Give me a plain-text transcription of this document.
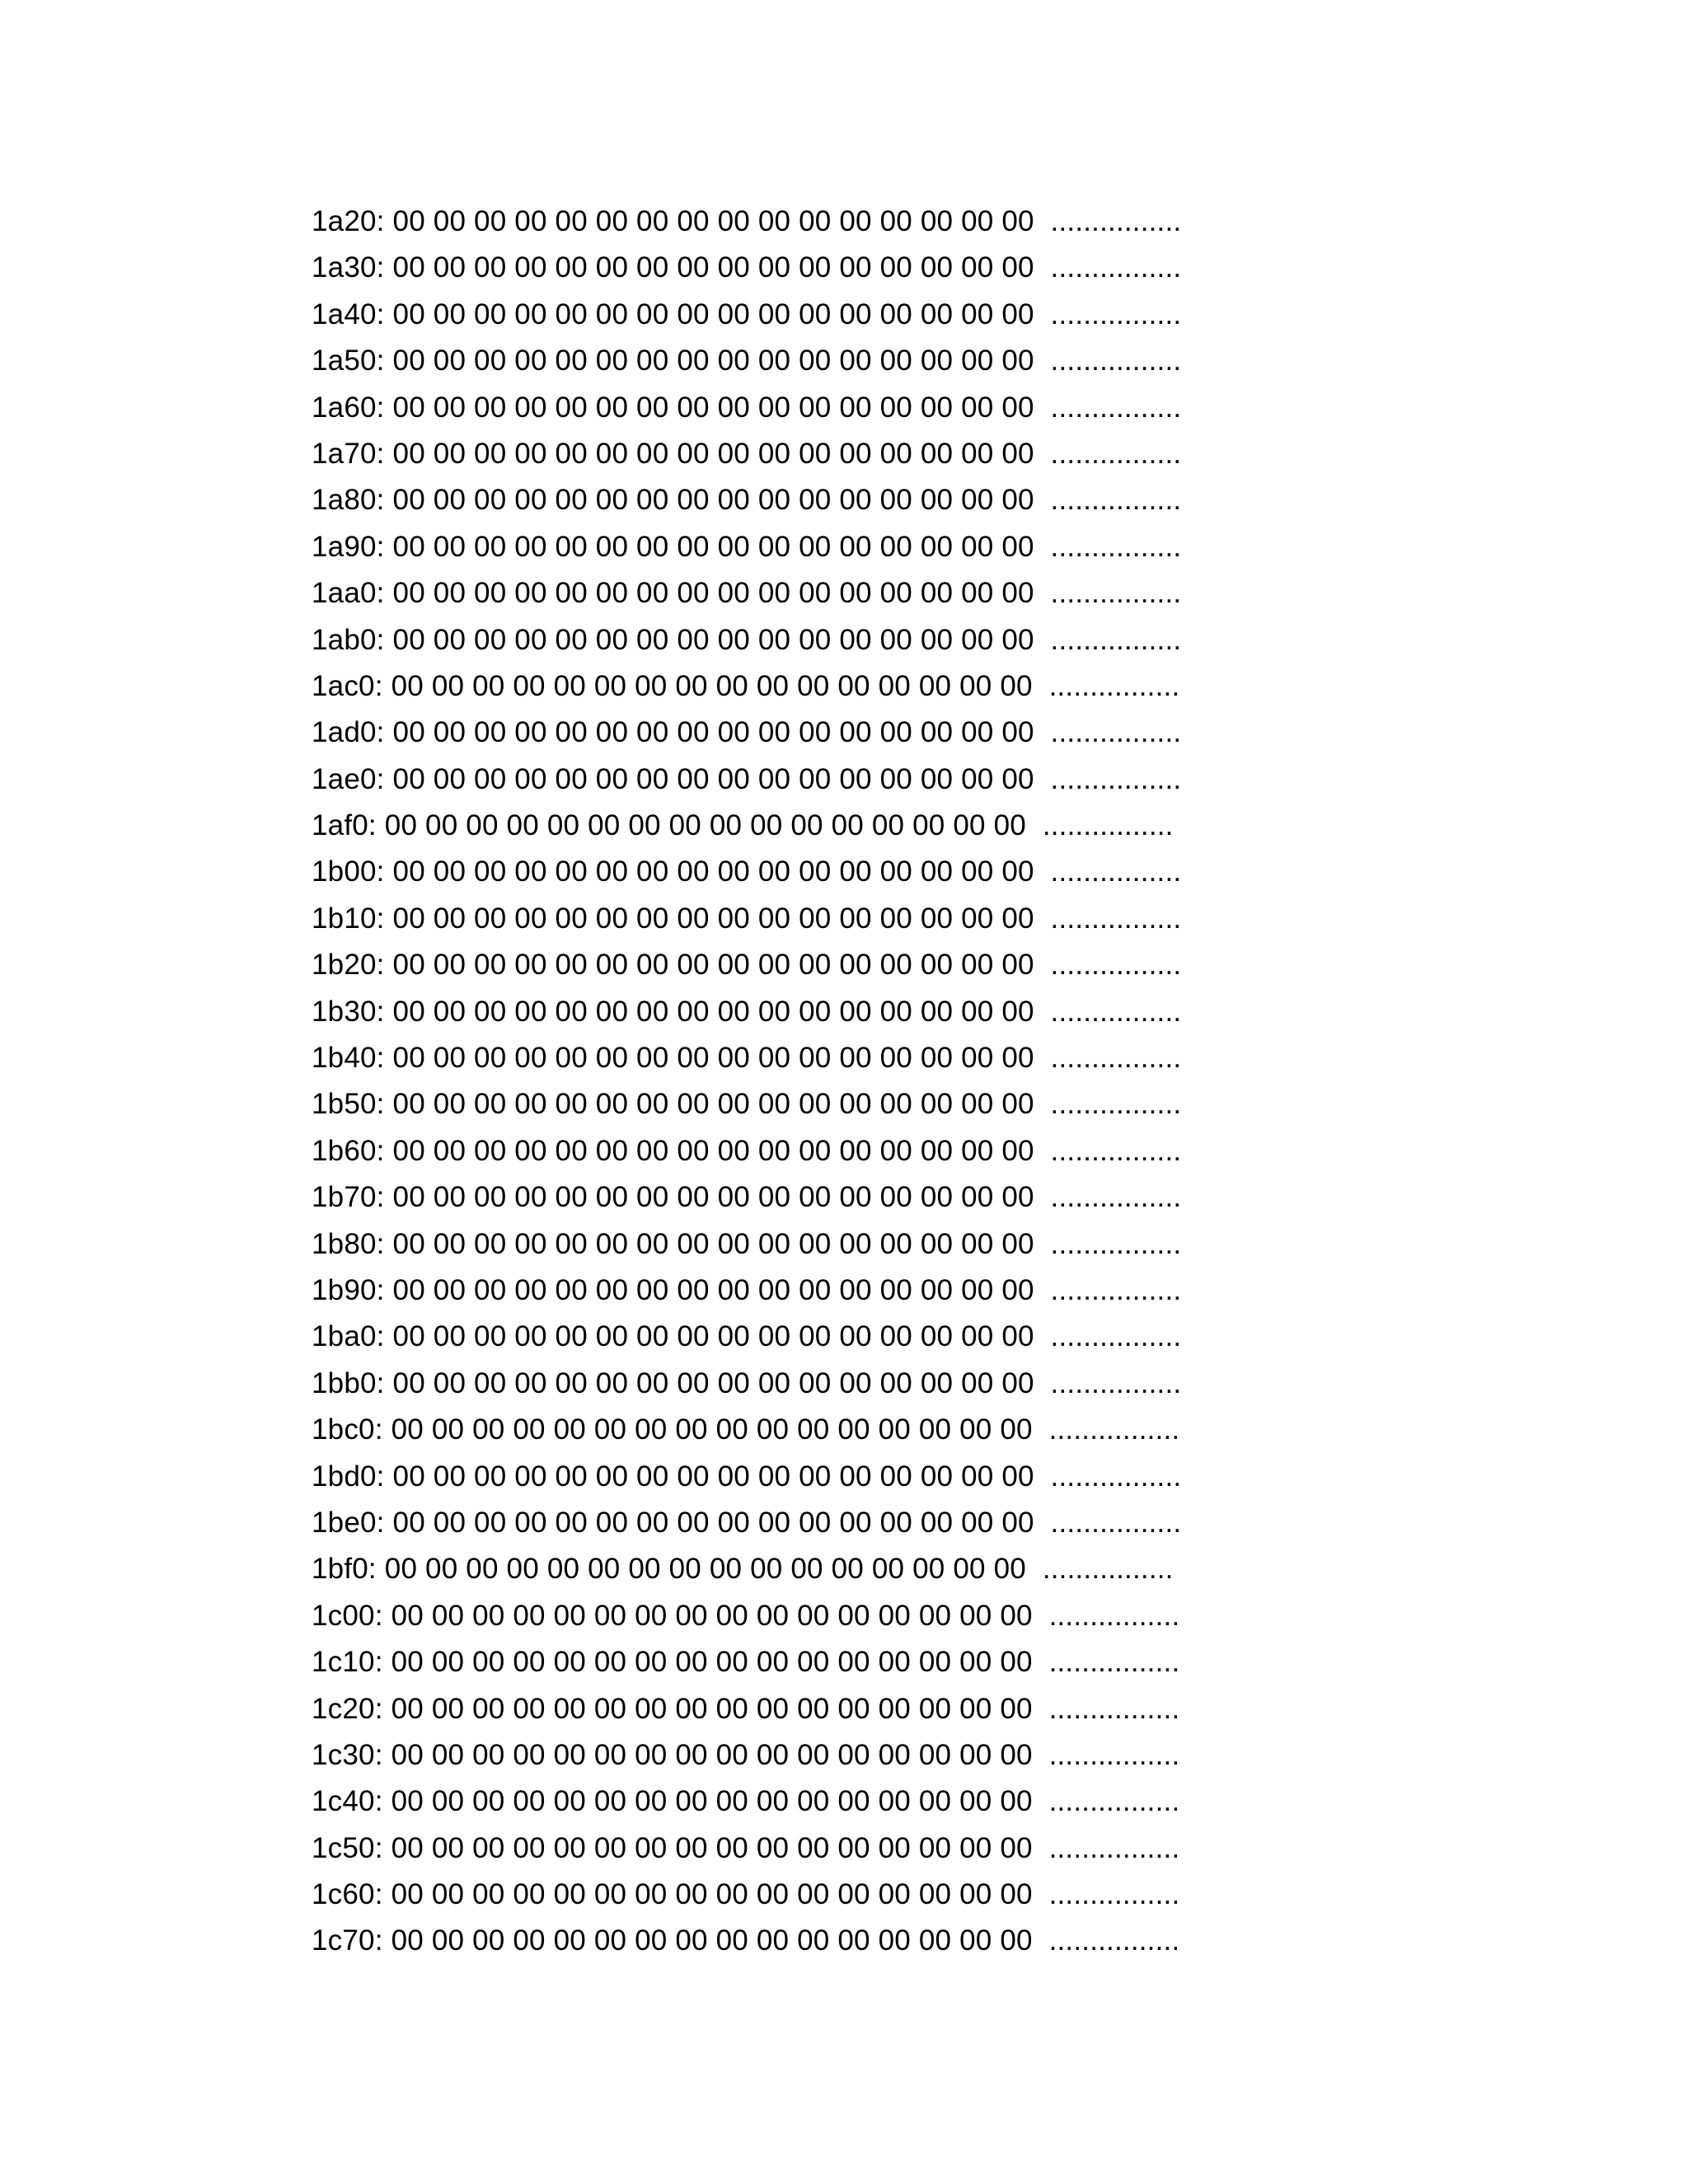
1a20: 00 00 00 00 00 00 00 00 00 00 00 00 00 00 00 00 ................
1a30: 00 00 00 00 00 00 00 00 00 00 00 00 00 00 00 00 ................
1a40: 00 00 00 00 00 00 00 00 00 00 00 00 00 00 00 00 ................
1a50: 00 00 00 00 00 00 00 00 00 00 00 00 00 00 00 00 ................
1a60: 00 00 00 00 00 00 00 00 00 00 00 00 00 00 00 00 ................
1a70: 00 00 00 00 00 00 00 00 00 00 00 00 00 00 00 00 ................
1a80: 00 00 00 00 00 00 00 00 00 00 00 00 00 00 00 00 ................
1a90: 00 00 00 00 00 00 00 00 00 00 00 00 00 00 00 00 ................
1aa0: 00 00 00 00 00 00 00 00 00 00 00 00 00 00 00 00 ................
1ab0: 00 00 00 00 00 00 00 00 00 00 00 00 00 00 00 00 ................
1ac0: 00 00 00 00 00 00 00 00 00 00 00 00 00 00 00 00 ................
1ad0: 00 00 00 00 00 00 00 00 00 00 00 00 00 00 00 00 ................
1ae0: 00 00 00 00 00 00 00 00 00 00 00 00 00 00 00 00 ................
1af0: 00 00 00 00 00 00 00 00 00 00 00 00 00 00 00 00 ................
1b00: 00 00 00 00 00 00 00 00 00 00 00 00 00 00 00 00 ................
1b10: 00 00 00 00 00 00 00 00 00 00 00 00 00 00 00 00 ................
1b20: 00 00 00 00 00 00 00 00 00 00 00 00 00 00 00 00 ................
1b30: 00 00 00 00 00 00 00 00 00 00 00 00 00 00 00 00 ................
1b40: 00 00 00 00 00 00 00 00 00 00 00 00 00 00 00 00 ................
1b50: 00 00 00 00 00 00 00 00 00 00 00 00 00 00 00 00 ................
1b60: 00 00 00 00 00 00 00 00 00 00 00 00 00 00 00 00 ................
1b70: 00 00 00 00 00 00 00 00 00 00 00 00 00 00 00 00 ................
1b80: 00 00 00 00 00 00 00 00 00 00 00 00 00 00 00 00 ................
1b90: 00 00 00 00 00 00 00 00 00 00 00 00 00 00 00 00 ................
1ba0: 00 00 00 00 00 00 00 00 00 00 00 00 00 00 00 00 ................
1bb0: 00 00 00 00 00 00 00 00 00 00 00 00 00 00 00 00 ................
1bc0: 00 00 00 00 00 00 00 00 00 00 00 00 00 00 00 00 ................
1bd0: 00 00 00 00 00 00 00 00 00 00 00 00 00 00 00 00 ................
1be0: 00 00 00 00 00 00 00 00 00 00 00 00 00 00 00 00 ................
1bf0: 00 00 00 00 00 00 00 00 00 00 00 00 00 00 00 00 ................
1c00: 00 00 00 00 00 00 00 00 00 00 00 00 00 00 00 00 ................
1c10: 00 00 00 00 00 00 00 00 00 00 00 00 00 00 00 00 ................
1c20: 00 00 00 00 00 00 00 00 00 00 00 00 00 00 00 00 ................
1c30: 00 00 00 00 00 00 00 00 00 00 00 00 00 00 00 00 ................
1c40: 00 00 00 00 00 00 00 00 00 00 00 00 00 00 00 00 ................
1c50: 00 00 00 00 00 00 00 00 00 00 00 00 00 00 00 00 ................
1c60: 00 00 00 00 00 00 00 00 00 00 00 00 00 00 00 00 ................
1c70: 00 00 00 00 00 00 00 00 00 00 00 00 00 00 00 00 ................
